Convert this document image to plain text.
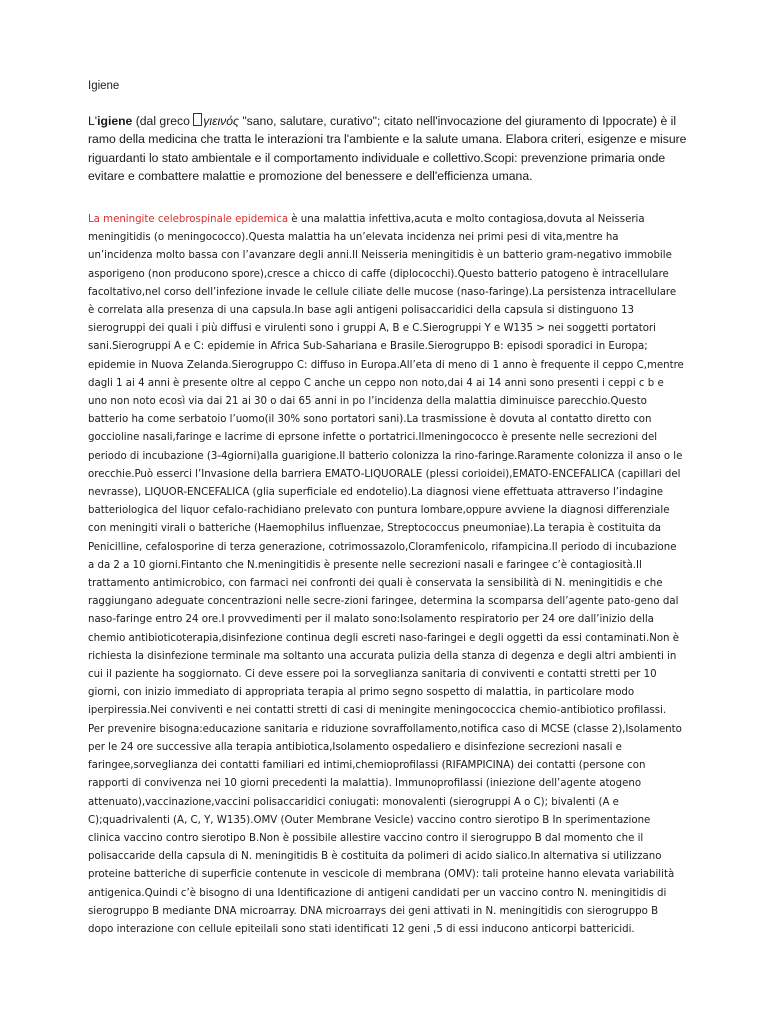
Igiene

L'igiene (dal greco γιεινός "sano, salutare, curativo"; citato nell'invocazione del giuramento di Ippocrate) è il ramo della medicina che tratta le interazioni tra l'ambiente e la salute umana. Elabora criteri, esigenze e misure riguardanti lo stato ambientale e il comportamento individuale e collettivo.Scopi: prevenzione primaria onde evitare e combattere malattie e promozione del benessere e dell'efficienza umana.

La meningite celebrospinale epidemica è una malattia infettiva,acuta e molto contagiosa,dovuta al Neisseria meningitidis (o meningococco).Questa malattia ha un’elevata incidenza nei primi pesi di vita,mentre ha un’incidenza molto bassa con l’avanzare degli anni.Il Neisseria meningitidis è un batterio gram-negativo immobile asporigeno (non producono spore),cresce a chicco di caffe (diplococchi).Questo batterio patogeno è intracellulare facoltativo,nel corso dell’infezione invade le cellule ciliate delle mucose (naso-faringe).La persistenza intracellulare è correlata alla presenza di una capsula.In base agli antigeni polisaccaridici della capsula si distinguono 13 sierogruppi dei quali i più diffusi e virulenti sono i gruppi A, B e C.Sierogruppi Y e W135 > nei soggetti portatori sani.Sierogruppi A e C: epidemie in Africa Sub-Sahariana e Brasile.Sierogruppo B: episodi sporadici in Europa; epidemie in Nuova Zelanda.Sierogruppo C: diffuso in Europa.All’eta di meno di 1 anno è frequente il ceppo C,mentre dagli 1 ai 4 anni è presente oltre al ceppo C anche un ceppo non noto,dai 4 ai 14 anni sono presenti i ceppi c b e uno non noto ecosì via dai 21 ai 30 o dai 65 anni in po l’incidenza della malattia diminuisce parecchio.Questo batterio ha come serbatoio l’uomo(il 30% sono portatori sani).La trasmissione è dovuta al contatto diretto con goccioline nasali,faringe e lacrime di eprsone infette o portatrici.Ilmeningococco è presente nelle secrezioni del periodo di incubazione (3-4giorni)alla guarigione.Il batterio colonizza la rino-faringe.Raramente colonizza il anso o le orecchie.Può esserci l’Invasione della barriera EMATO-LIQUORALE (plessi corioidei),EMATO-ENCEFALICA (capillari del nevrasse), LIQUOR-ENCEFALICA (glia superficiale ed endotelio).La diagnosi viene effettuata attraverso l’indagine batteriologica del liquor cefalo-rachidiano prelevato con puntura lombare,oppure avviene la diagnosi differenziale con meningiti virali o batteriche (Haemophilus influenzae, Streptococcus pneumoniae).La terapia è costituita da Penicilline, cefalosporine di terza generazione, cotrimossazolo,Cloramfenicolo, rifampicina.Il periodo di incubazione a da 2 a 10 giorni.Fintanto che N.meningitidis è presente nelle secrezioni nasali e faringee c’è contagiosità.Il trattamento antimicrobico, con farmaci nei confronti dei quali è conservata la sensibilità di N. meningitidis e che raggiungano adeguate concentrazioni nelle secre-zioni faringee, determina la scomparsa dell’agente pato-geno dal naso-faringe entro 24 ore.I provvedimenti per il malato sono:Isolamento respiratorio per 24 ore dall’inizio della chemio antibioticoterapia,disinfezione continua degli escreti naso-faringei e degli oggetti da essi contaminati.Non è richiesta la disinfezione terminale ma soltanto una accurata pulizia della stanza di degenza e degli altri ambienti in cui il paziente ha soggiornato. Ci deve essere poi la sorveglianza sanitaria di conviventi e contatti stretti per 10 giorni, con inizio immediato di appropriata terapia al primo segno sospetto di malattia, in particolare modo iperpiressia.Nei conviventi e nei contatti stretti di casi di meningite meningococcica chemio-antibiotico profilassi. Per prevenire bisogna:educazione sanitaria e riduzione sovraffollamento,notifica caso di MCSE (classe 2),Isolamento per le 24 ore successive alla terapia antibiotica,Isolamento ospedaliero e disinfezione secrezioni nasali e faringee,sorveglianza dei contatti familiari ed intimi,chemioprofilassi (RIFAMPICINA) dei contatti (persone con rapporti di convivenza nei 10 giorni precedenti la malattia). Immunoprofilassi (iniezione dell’agente atogeno attenuato),vaccinazione,vaccini polisaccaridici coniugati: monovalenti (sierogruppi A o C); bivalenti (A e C);quadrivalenti (A, C, Y, W135).OMV (Outer Membrane Vesicle) vaccino contro sierotipo B In sperimentazione clinica vaccino contro sierotipo B.Non è possibile allestire vaccino contro il sierogruppo B dal momento che il polisaccaride della capsula di N. meningitidis B è costituita da polimeri di acido sialico.In alternativa si utilizzano proteine batteriche di superficie contenute in vescicole di membrana (OMV): tali proteine hanno elevata variabilità antigenica.Quindi c’è bisogno di una Identificazione di antigeni candidati per un vaccino contro N. meningitidis di sierogruppo B mediante DNA microarray. DNA microarrays dei geni attivati in N. meningitidis con sierogruppo B dopo interazione con cellule epiteilali sono stati identificati 12 geni ,5 di essi inducono anticorpi battericidi.
